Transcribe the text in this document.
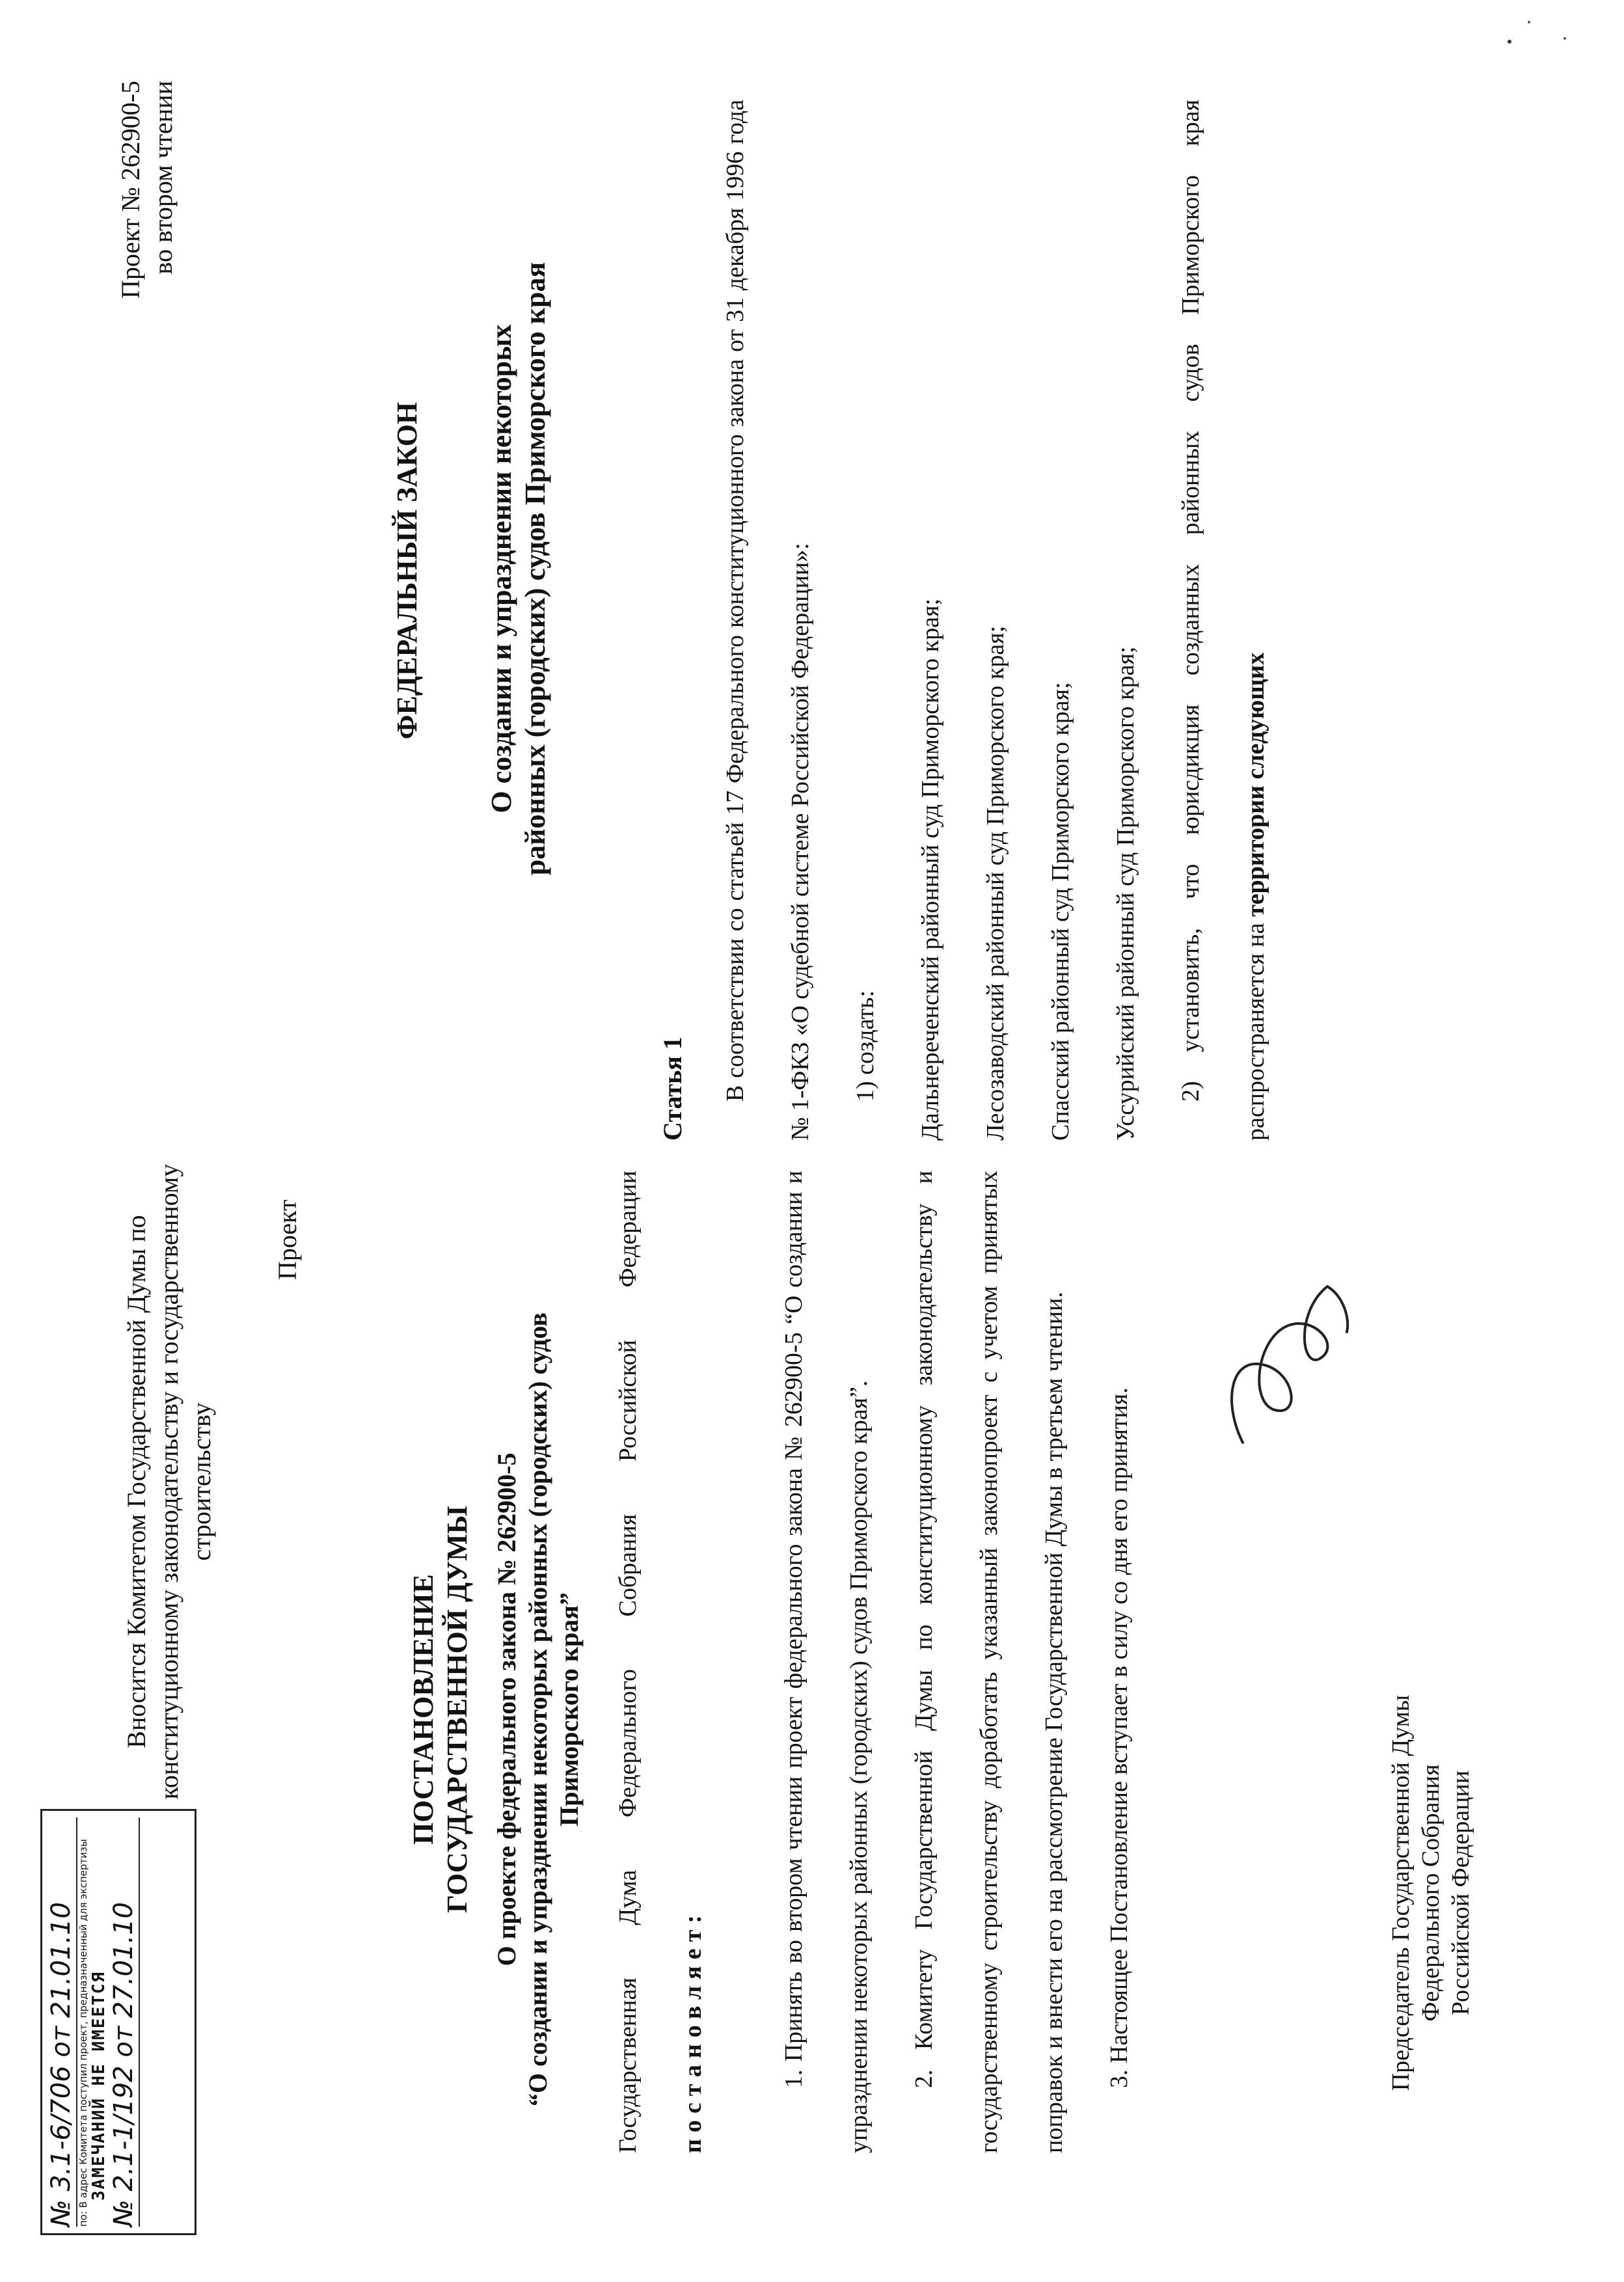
№ 3.1-6/706 от 21.01.10 по: В адрес Комитета поступил проект, предназначенный для экспертизы ЗАМЕЧАНИЙ НЕ ИМЕЕТСЯ № 2.1-1/192 от 27.01.10
Вносится Комитетом Государственной Думы по конституционному законодательству и государственному строительству
Проект
ПОСТАНОВЛЕНИЕ ГОСУДАРСТВЕННОЙ ДУМЫ О проекте федерального закона № 262900-5 “О создании и упразднении некоторых районных (городских) судов Приморского края”	Государственная Дума Федерального Собрания Российской Федерации постановляет:	1. Принять во втором чтении проект федерального закона № 262900-5 “О создании и упразднении некоторых районных (городских) судов Приморского края”.	2. Комитету Государственной Думы по конституционному законодательству и государственному строительству доработать указанный законопроект с учетом принятых поправок и внести его на рассмотрение Государственной Думы в третьем чтении.	3. Настоящее Постановление вступает в силу со дня его принятия.	Председатель Государственной Думы Федерального Собрания Российской Федерации
Проект № 262900-5 во втором чтении
ФЕДЕРАЛЬНЫЙ ЗАКОН О создании и упразднении некоторых районных (городских) судов Приморского края
Статья 1	В соответствии со статьей 17 Федерального конституционного закона от 31 декабря 1996 года № 1-ФКЗ «О судебной системе Российской Федерации»:	1) создать:	Дальнереченский районный суд Приморского края;	Лесозаводский районный суд Приморского края;	Спасский районный суд Приморского края;	Уссурийский районный суд Приморского края;	2) установить, что юрисдикция созданных районных судов Приморского края распространяется на территории следующих
